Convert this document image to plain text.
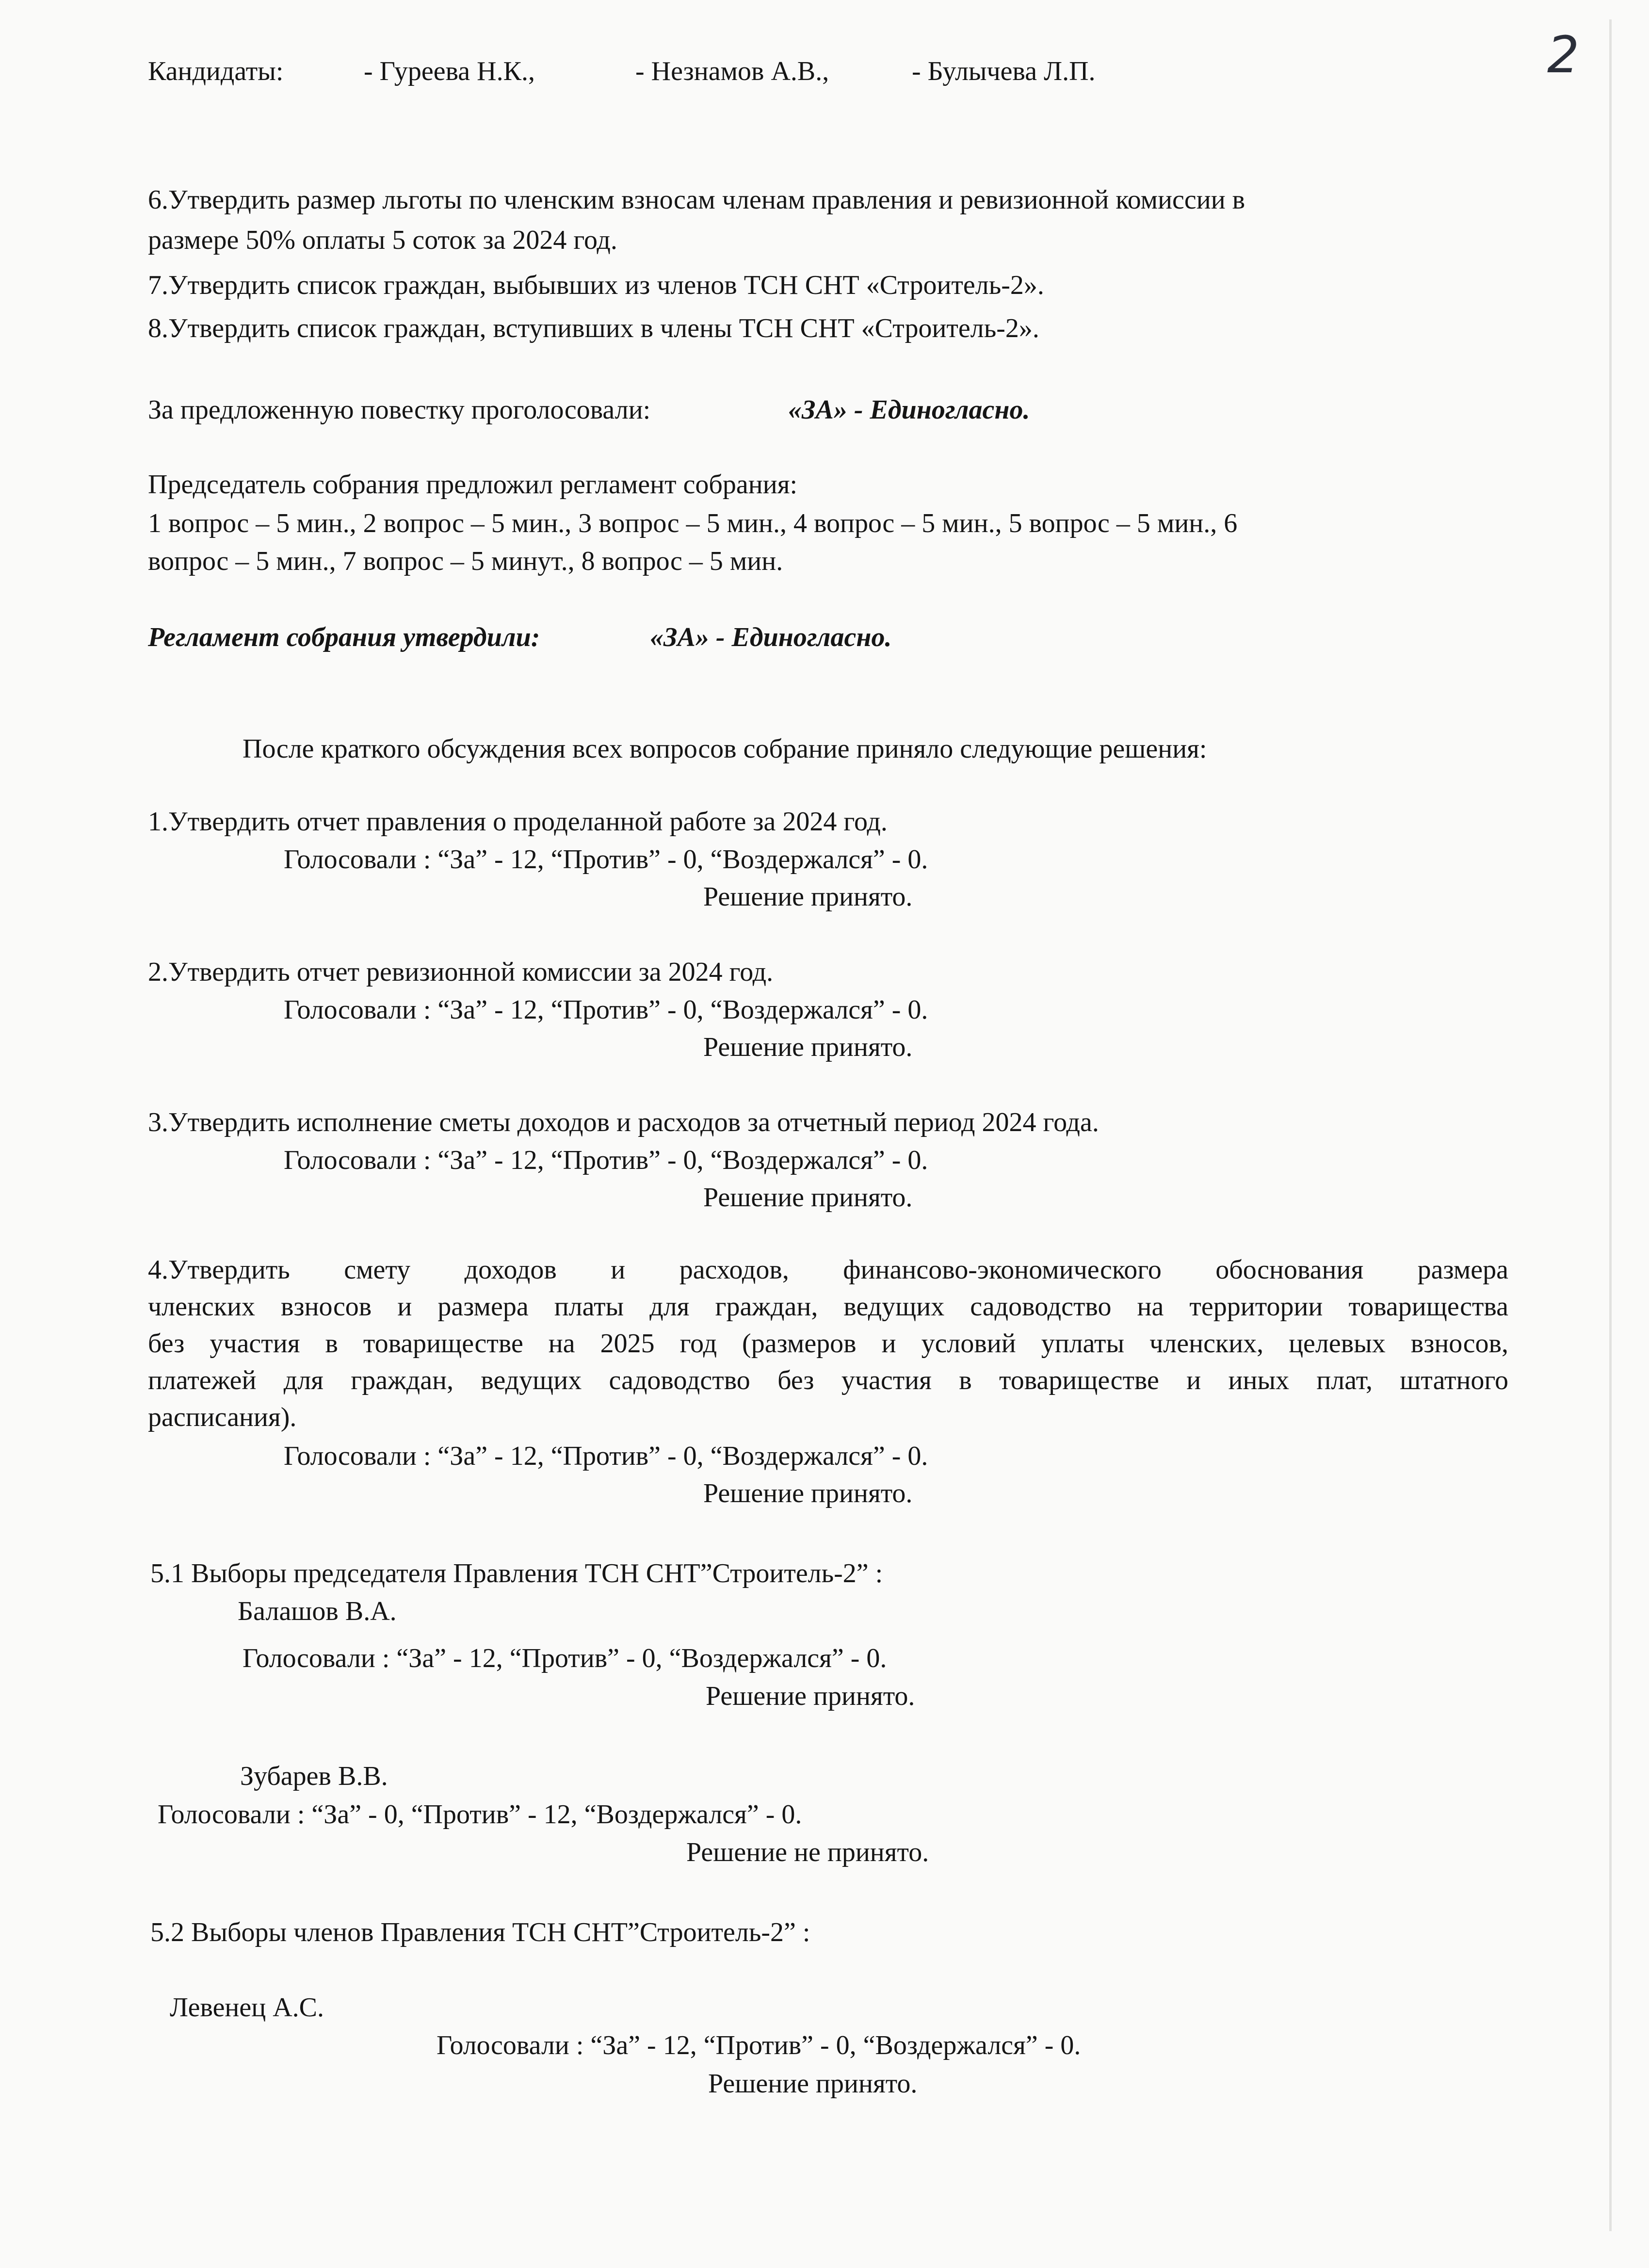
2
Кандидаты:	- Гуреева Н.К.,	- Незнамов А.В.,	- Булычева Л.П.
6.Утвердить размер льготы по членским взносам членам правления и ревизионной комиссии в
размере 50% оплаты 5 соток за 2024 год.
7.Утвердить список граждан, выбывших из членов ТСН СНТ «Строитель-2».
8.Утвердить список граждан, вступивших в члены ТСН СНТ «Строитель-2».
За предложенную повестку проголосовали:	«ЗА» - Единогласно.
Председатель собрания предложил регламент собрания:
1 вопрос – 5 мин., 2 вопрос – 5 мин., 3 вопрос – 5 мин., 4 вопрос – 5 мин., 5 вопрос – 5 мин., 6
вопрос – 5 мин., 7 вопрос – 5 минут., 8 вопрос – 5 мин.
Регламент собрания утвердили:	«ЗА» - Единогласно.
После краткого обсуждения всех вопросов собрание приняло следующие решения:
1.Утвердить отчет правления о проделанной работе за 2024 год.
Голосовали : “За” - 12, “Против” - 0, “Воздержался” - 0.
Решение принято.
2.Утвердить отчет ревизионной комиссии за 2024 год.
Голосовали : “За” - 12, “Против” - 0, “Воздержался” - 0.
Решение принято.
3.Утвердить исполнение сметы доходов и расходов за отчетный период 2024 года.
Голосовали : “За” - 12, “Против” - 0, “Воздержался” - 0.
Решение принято.
4.Утвердить смету доходов и расходов, финансово-экономического обоснования размера
членских взносов и размера платы для граждан, ведущих садоводство на территории товарищества
без участия в товариществе на 2025 год (размеров и условий уплаты членских, целевых взносов,
платежей для граждан, ведущих садоводство без участия в товариществе и иных плат, штатного
расписания).
Голосовали : “За” - 12, “Против” - 0, “Воздержался” - 0.
Решение принято.
5.1 Выборы председателя Правления ТСН СНТ”Строитель-2” :
Балашов В.А.
Голосовали : “За” - 12, “Против” - 0, “Воздержался” - 0.
Решение принято.
Зубарев В.В.
Голосовали : “За” - 0, “Против” - 12, “Воздержался” - 0.
Решение не принято.
5.2 Выборы членов Правления ТСН СНТ”Строитель-2” :
Левенец А.С.
Голосовали : “За” - 12, “Против” - 0, “Воздержался” - 0.
Решение принято.
